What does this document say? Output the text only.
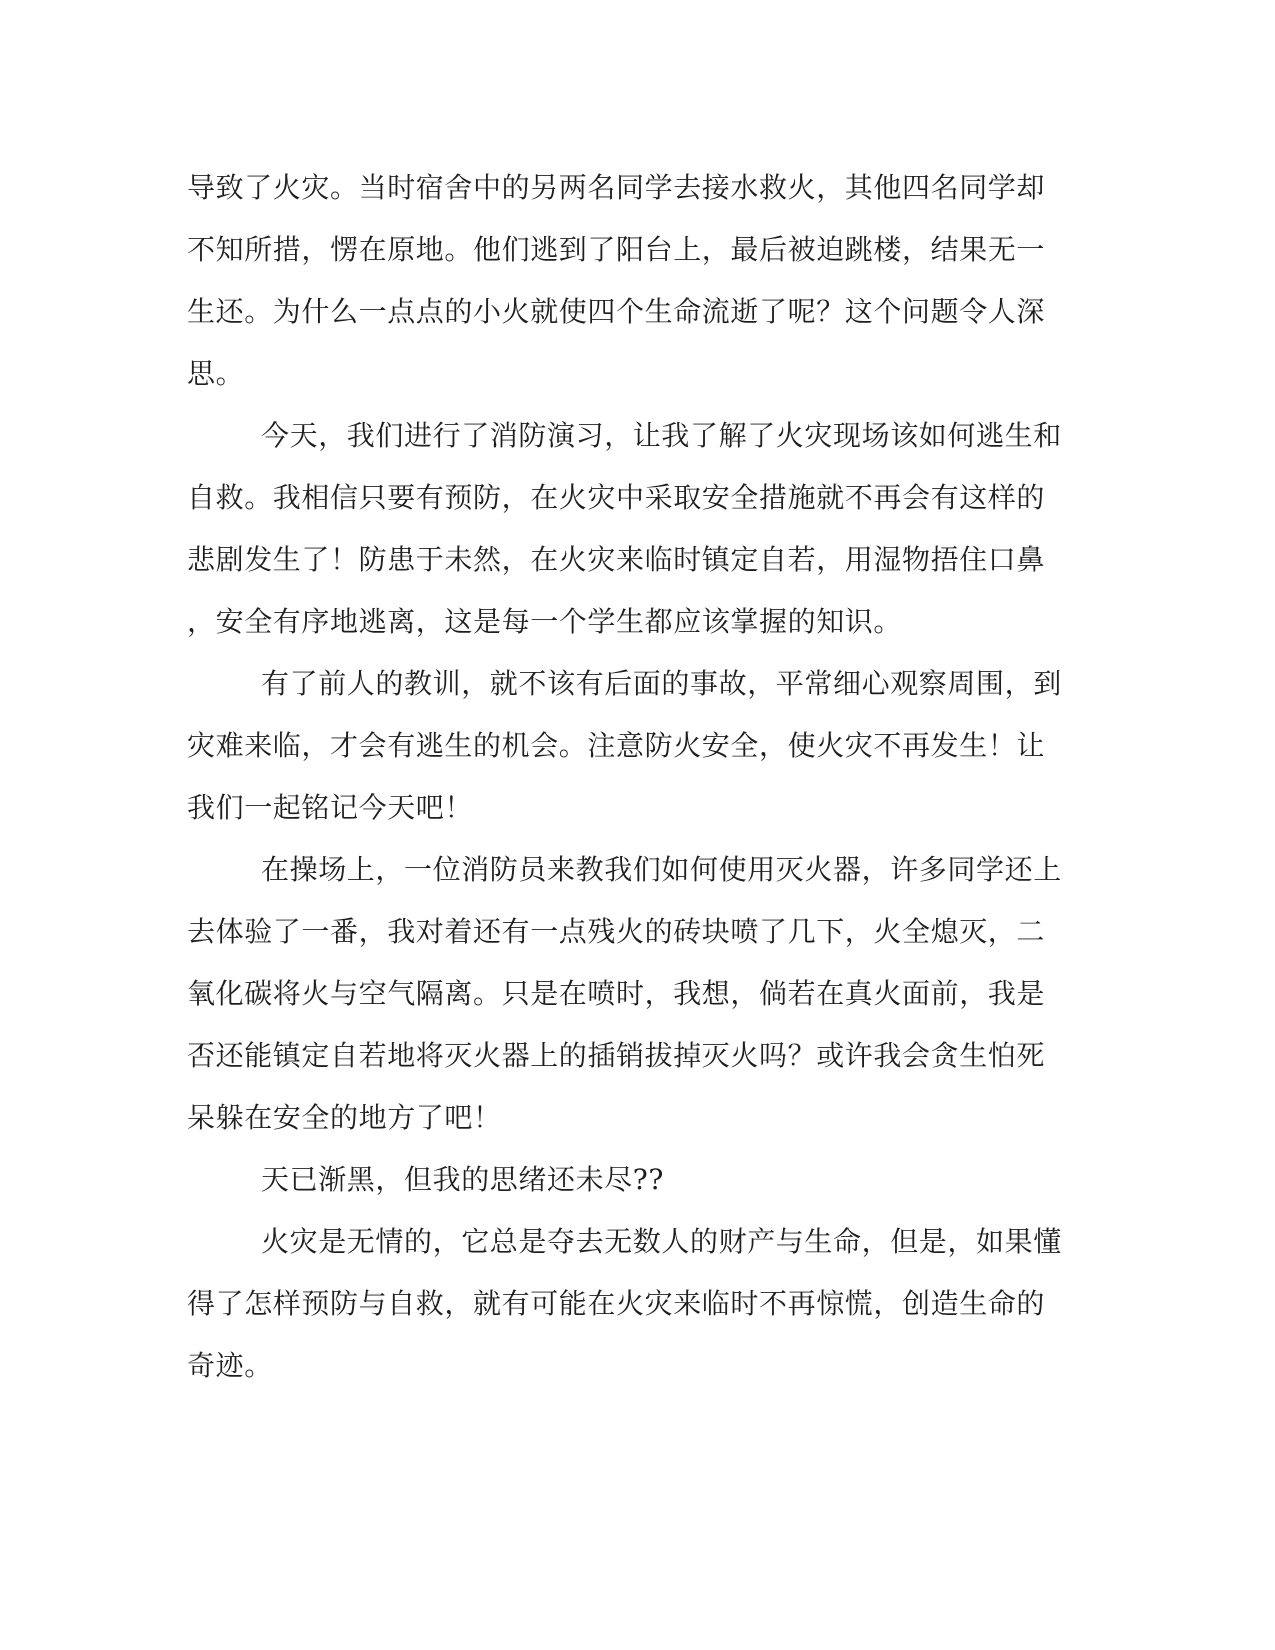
导致了火灾。当时宿舍中的另两名同学去接水救火，其他四名同学却
不知所措，愣在原地。他们逃到了阳台上，最后被迫跳楼，结果无一
生还。为什么一点点的小火就使四个生命流逝了呢？这个问题令人深
思。
今天，我们进行了消防演习，让我了解了火灾现场该如何逃生和
自救。我相信只要有预防，在火灾中采取安全措施就不再会有这样的
悲剧发生了！防患于未然，在火灾来临时镇定自若，用湿物捂住口鼻
，安全有序地逃离，这是每一个学生都应该掌握的知识。
有了前人的教训，就不该有后面的事故，平常细心观察周围，到
灾难来临，才会有逃生的机会。注意防火安全，使火灾不再发生！让
我们一起铭记今天吧！
在操场上，一位消防员来教我们如何使用灭火器，许多同学还上
去体验了一番，我对着还有一点残火的砖块喷了几下，火全熄灭，二
氧化碳将火与空气隔离。只是在喷时，我想，倘若在真火面前，我是
否还能镇定自若地将灭火器上的插销拔掉灭火吗？或许我会贪生怕死
呆躲在安全的地方了吧！
天已渐黑，但我的思绪还未尽??
火灾是无情的，它总是夺去无数人的财产与生命，但是，如果懂
得了怎样预防与自救，就有可能在火灾来临时不再惊慌，创造生命的
奇迹。
